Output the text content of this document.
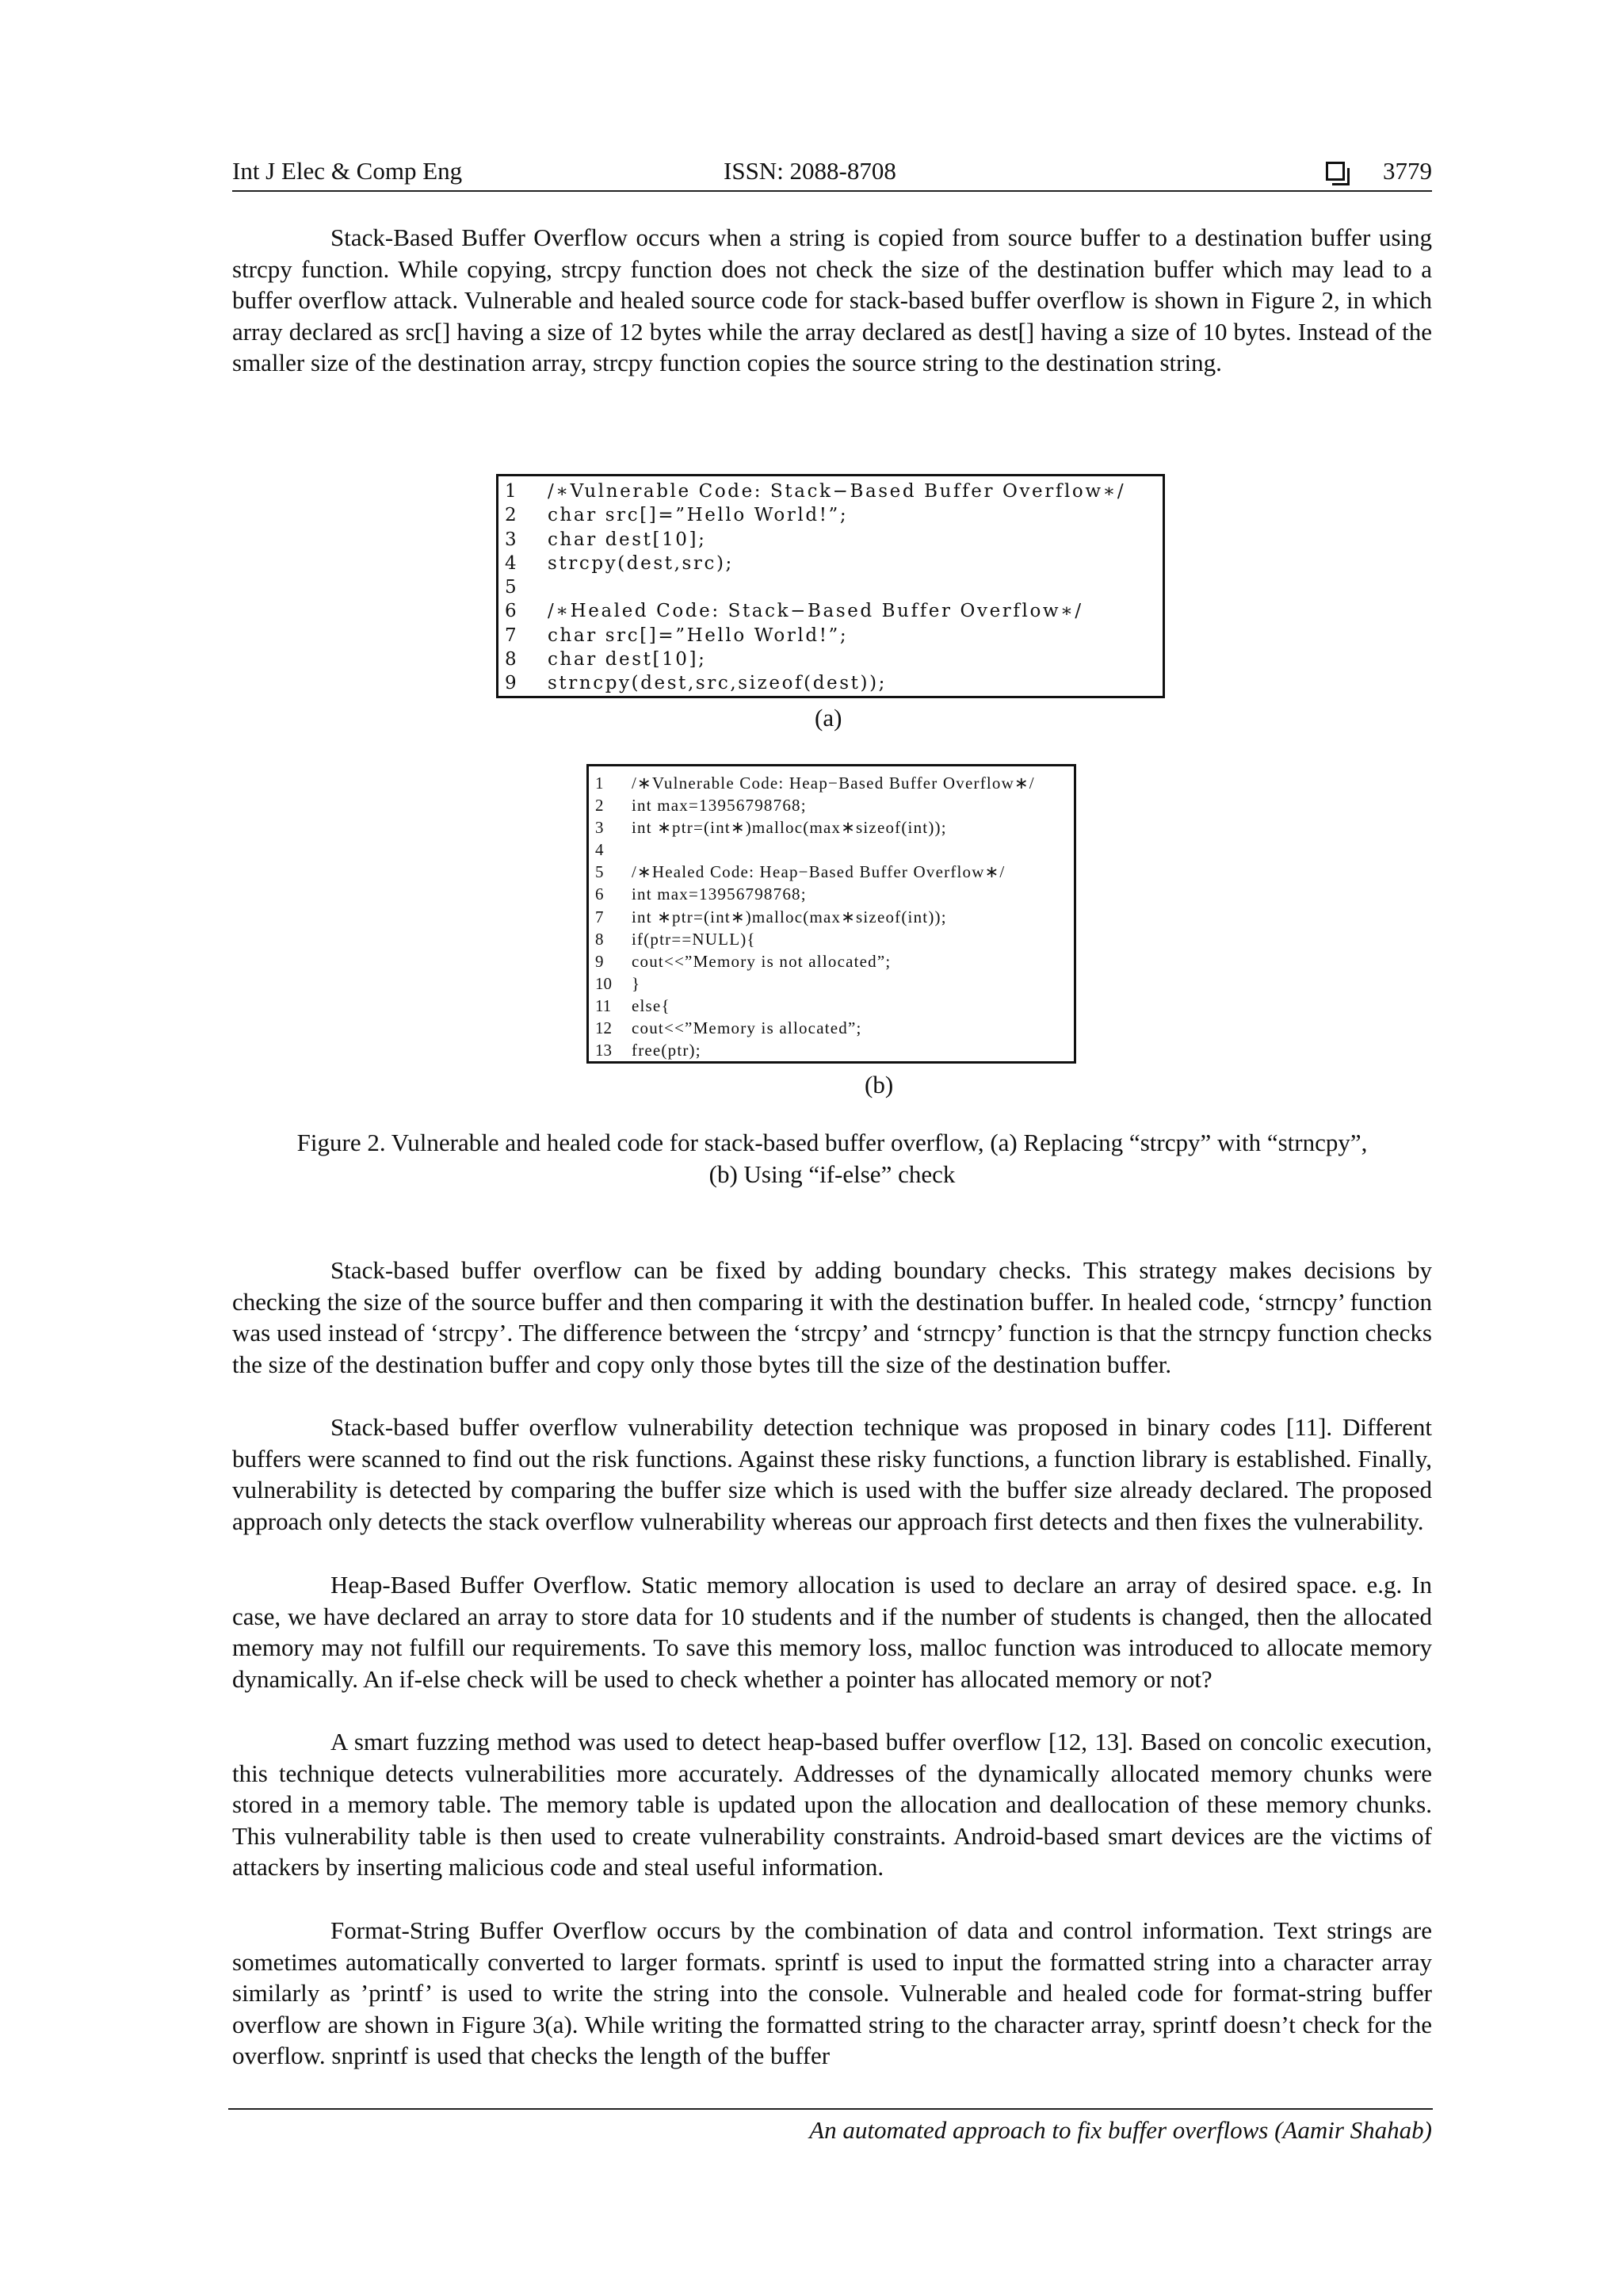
Int J Elec & Comp Eng	ISSN: 2088-8708	3779

Stack-Based Buffer Overflow occurs when a string is copied from source buffer to a destination buffer using strcpy function. While copying, strcpy function does not check the size of the destination buffer which may lead to a buffer overflow attack. Vulnerable and healed source code for stack-based buffer overflow is shown in Figure 2, in which array declared as src[] having a size of 12 bytes while the array declared as dest[] having a size of 10 bytes. Instead of the smaller size of the destination array, strcpy function copies the source string to the destination string.

1	/∗Vulnerable Code: Stack−Based Buffer Overflow∗/
2	char src[]=”Hello World!”;
3	char dest[10];
4	strcpy(dest,src);
5
6	/∗Healed Code: Stack−Based Buffer Overflow∗/
7	char src[]=”Hello World!”;
8	char dest[10];
9	strncpy(dest,src,sizeof(dest));
(a)
1	/∗Vulnerable Code: Heap−Based Buffer Overflow∗/
2	int max=13956798768;
3	int ∗ptr=(int∗)malloc(max∗sizeof(int));
4
5	/∗Healed Code: Heap−Based Buffer Overflow∗/
6	int max=13956798768;
7	int ∗ptr=(int∗)malloc(max∗sizeof(int));
8	if(ptr==NULL){
9	cout<<”Memory is not allocated”;
10	}
11	else{
12	cout<<”Memory is allocated”;
13	free(ptr);
(b)
Figure 2. Vulnerable and healed code for stack-based buffer overflow, (a) Replacing “strcpy” with “strncpy”,
(b) Using “if-else” check

Stack-based buffer overflow can be fixed by adding boundary checks. This strategy makes decisions by checking the size of the source buffer and then comparing it with the destination buffer. In healed code, ‘strncpy’ function was used instead of ‘strcpy’. The difference between the ‘strcpy’ and ‘strncpy’ function is that the strncpy function checks the size of the destination buffer and copy only those bytes till the size of the destination buffer.

Stack-based buffer overflow vulnerability detection technique was proposed in binary codes [11]. Different buffers were scanned to find out the risk functions. Against these risky functions, a function library is established. Finally, vulnerability is detected by comparing the buffer size which is used with the buffer size already declared. The proposed approach only detects the stack overflow vulnerability whereas our approach first detects and then fixes the vulnerability.

Heap-Based Buffer Overflow. Static memory allocation is used to declare an array of desired space. e.g. In case, we have declared an array to store data for 10 students and if the number of students is changed, then the allocated memory may not fulfill our requirements. To save this memory loss, malloc function was introduced to allocate memory dynamically. An if-else check will be used to check whether a pointer has allocated memory or not?

A smart fuzzing method was used to detect heap-based buffer overflow [12, 13]. Based on concolic execution, this technique detects vulnerabilities more accurately. Addresses of the dynamically allocated memory chunks were stored in a memory table. The memory table is updated upon the allocation and deallocation of these memory chunks. This vulnerability table is then used to create vulnerability constraints. Android-based smart devices are the victims of attackers by inserting malicious code and steal useful information.

Format-String Buffer Overflow occurs by the combination of data and control information. Text strings are sometimes automatically converted to larger formats. sprintf is used to input the formatted string into a character array similarly as ’printf’ is used to write the string into the console. Vulnerable and healed code for format-string buffer overflow are shown in Figure 3(a). While writing the formatted string to the character array, sprintf doesn’t check for the overflow. snprintf is used that checks the length of the buffer

An automated approach to fix buffer overflows (Aamir Shahab)
